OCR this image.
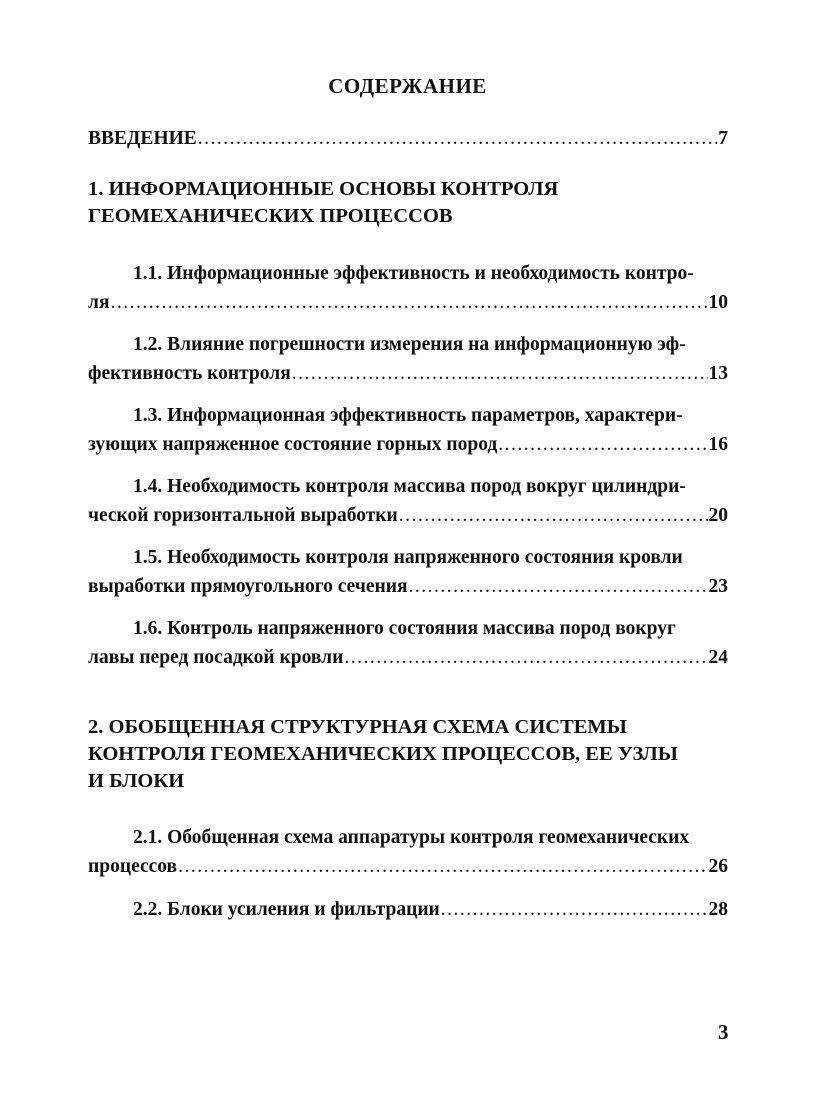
СОДЕРЖАНИЕ
ВВЕДЕНИЕ .....	7
1. ИНФОРМАЦИОННЫЕ ОСНОВЫ КОНТРОЛЯ
ГЕОМЕХАНИЧЕСКИХ ПРОЦЕССОВ
1.1. Информационные эффективность и необходимость контро-
ля .....	10
1.2. Влияние погрешности измерения на информационную эф-
фективность контроля .....	13
1.3. Информационная эффективность параметров, характери-
зующих напряженное состояние горных пород .....	16
1.4. Необходимость контроля массива пород вокруг цилиндри-
ческой горизонтальной выработки .....	20
1.5. Необходимость контроля напряженного состояния кровли
выработки прямоугольного сечения .....	23
1.6. Контроль напряженного состояния массива пород вокруг
лавы перед посадкой кровли .....	24
2. ОБОБЩЕННАЯ СТРУКТУРНАЯ СХЕМА СИСТЕМЫ
КОНТРОЛЯ ГЕОМЕХАНИЧЕСКИХ ПРОЦЕССОВ, ЕЕ УЗЛЫ
И БЛОКИ
2.1. Обобщенная схема аппаратуры контроля геомеханических
процессов .....	26
2.2. Блоки усиления и фильтрации .....	28
3
